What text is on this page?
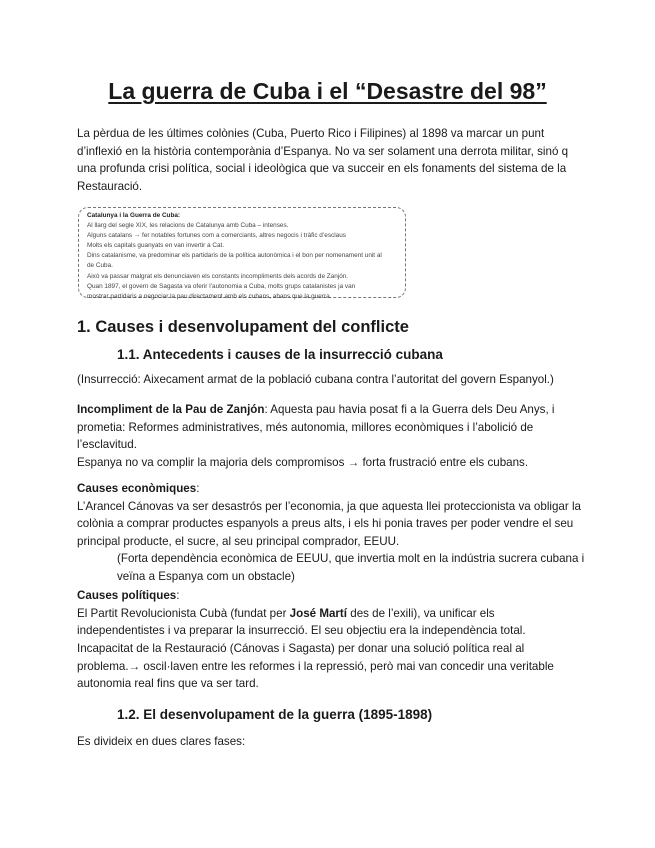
La guerra de Cuba i el “Desastre del 98”

La pèrdua de les últimes colònies (Cuba, Puerto Rico i Filipines) al 1898 va marcar un punt d’inflexió en la història contemporània d’Espanya. No va ser solament una derrota militar, sinó q una profunda crisi política, social i ideològica que va succeir en els fonaments del sistema de la Restauració.

Catalunya i la Guerra de Cuba:
Al llarg del segle XIX, les relacions de Catalunya amb Cuba – intenses.
Alguns catalans → fer notables fortunes com a comerciants, altres negocis i tràfic d’esclaus
Molts els capitals guanyats en van invertir a Cat.
Dins catalanisme, va predominar els partidaris de la política autonòmica i el bon per nomenament unit al
de Cuba.
Això va passar malgrat els denunciaven els constants incompliments dels acords de Zanjón.
Quan 1897, el govern de Sagasta va oferir l’autonomia a Cuba, molts grups catalanistes ja van
mostrar partidaris a negociar la pau directament amb els cubans, abans que la guerra.
1. Causes i desenvolupament del conflicte
1.1. Antecedents i causes de la insurrecció cubana

(Insurrecció: Aixecament armat de la població cubana contra l’autoritat del govern Espanyol.)

Incompliment de la Pau de Zanjón: Aquesta pau havia posat fi a la Guerra dels Deu Anys, i prometia: Reformes administratives, més autonomia, millores econòmiques i l’abolició de l’esclavitud.
Espanya no va complir la majoria dels compromisos → forta frustració entre els cubans.
Causes econòmiques:
L’Arancel Cánovas va ser desastrós per l’economia, ja que aquesta llei proteccionista va obligar la colònia a comprar productes espanyols a preus alts, i els hi ponia traves per poder vendre el seu principal producte, el sucre, al seu principal comprador, EEUU.
(Forta dependència econòmica de EEUU, que invertia molt en la indústria sucrera cubana i veïna a Espanya com un obstacle)
Causes polítiques:
El Partit Revolucionista Cubà (fundat per José Martí des de l’exili), va unificar els independentistes i va preparar la insurrecció. El seu objectiu era la independència total.

Incapacitat de la Restauració (Cánovas i Sagasta) per donar una solució política real al problema.→ oscil·laven entre les reformes i la repressió, però mai van concedir una veritable autonomia real fins que va ser tard.

1.2. El desenvolupament de la guerra (1895-1898)

Es divideix en dues clares fases:
